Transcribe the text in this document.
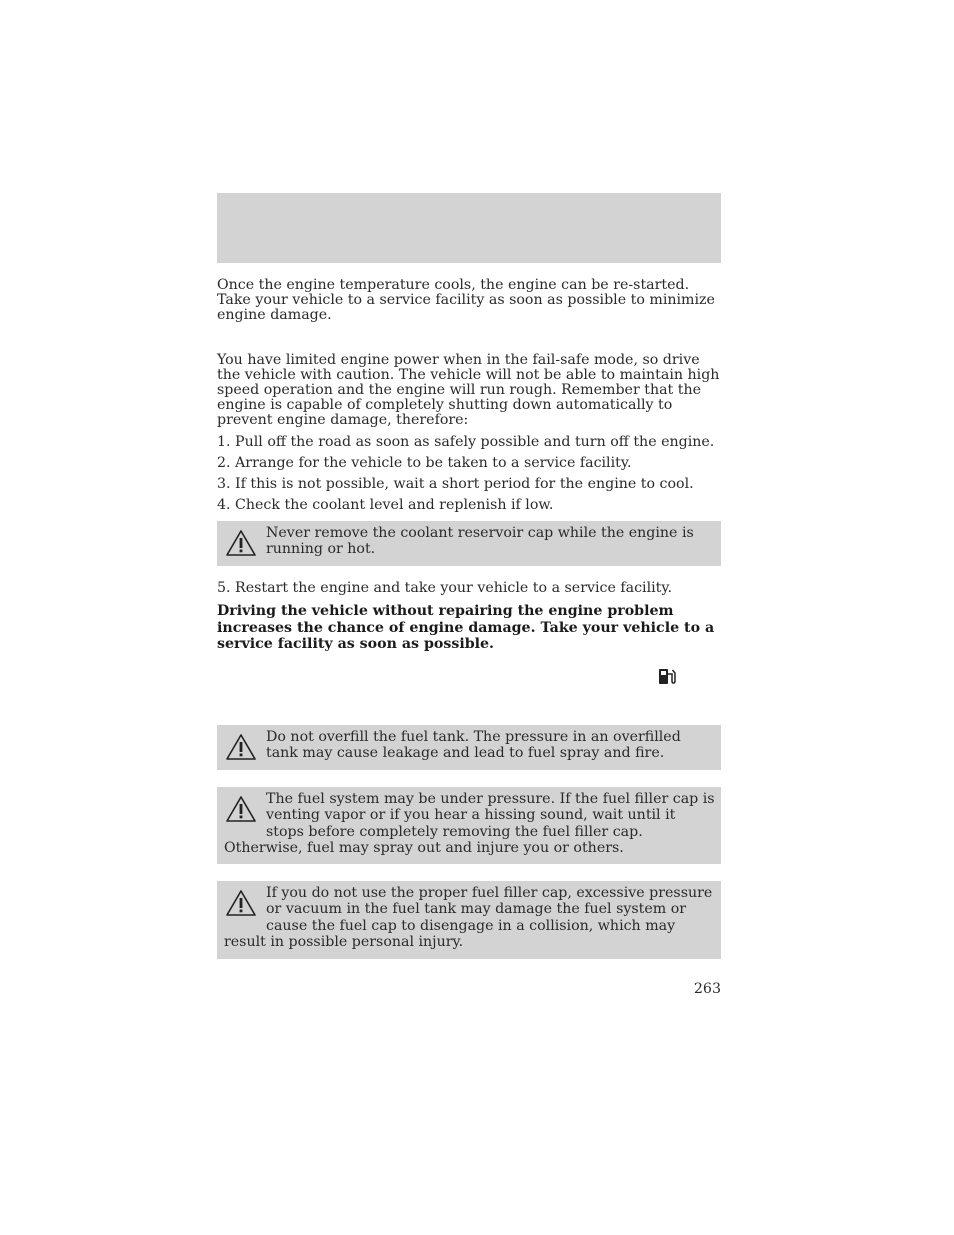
Once the engine temperature cools, the engine can be re-started. Take your vehicle to a service facility as soon as possible to minimize engine damage.

You have limited engine power when in the fail-safe mode, so drive the vehicle with caution. The vehicle will not be able to maintain high speed operation and the engine will run rough. Remember that the engine is capable of completely shutting down automatically to prevent engine damage, therefore:

1. Pull off the road as soon as safely possible and turn off the engine.

2. Arrange for the vehicle to be taken to a service facility.

3. If this is not possible, wait a short period for the engine to cool.

4. Check the coolant level and replenish if low.

Never remove the coolant reservoir cap while the engine is running or hot.

5. Restart the engine and take your vehicle to a service facility.

Driving the vehicle without repairing the engine problem increases the chance of engine damage. Take your vehicle to a service facility as soon as possible.

Do not overfill the fuel tank. The pressure in an overfilled tank may cause leakage and lead to fuel spray and fire.
The fuel system may be under pressure. If the fuel filler cap is venting vapor or if you hear a hissing sound, wait until it stops before completely removing the fuel filler cap. Otherwise, fuel may spray out and injure you or others.
If you do not use the proper fuel filler cap, excessive pressure or vacuum in the fuel tank may damage the fuel system or cause the fuel cap to disengage in a collision, which may result in possible personal injury.
263
